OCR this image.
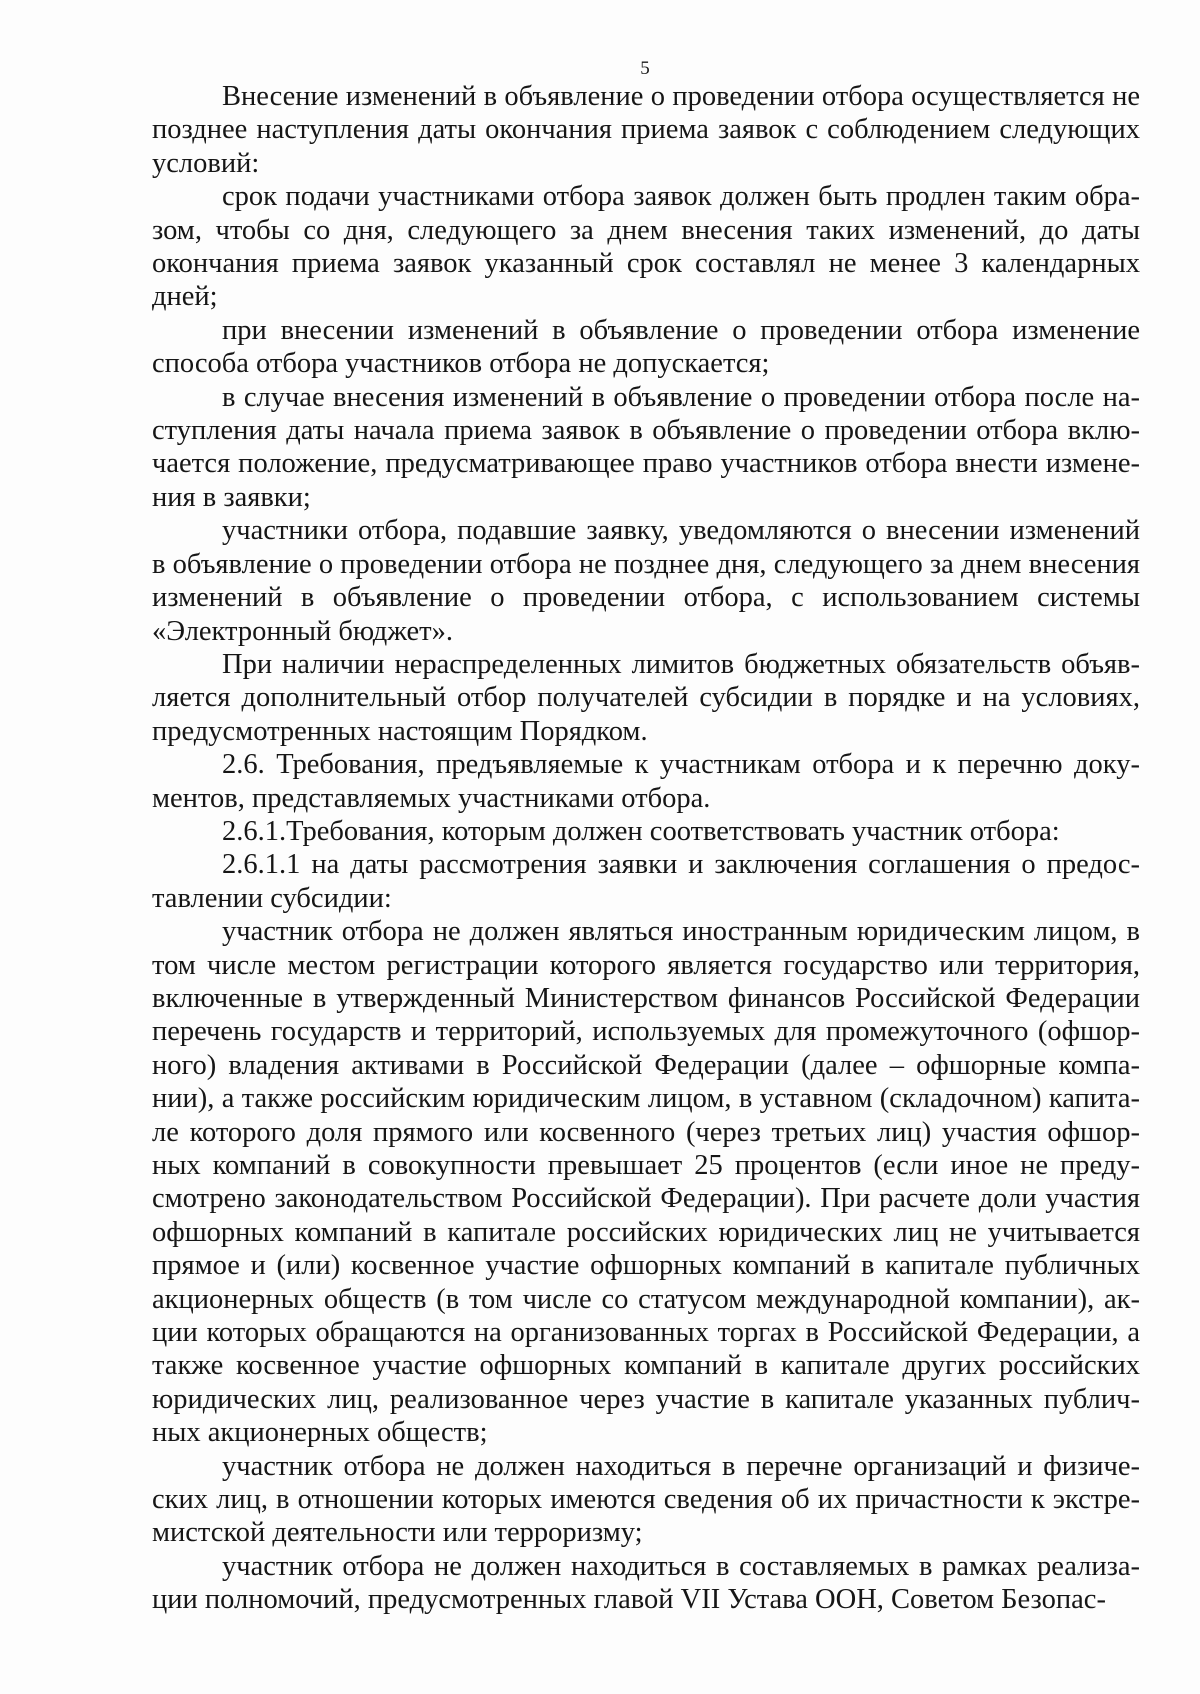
5

Внесение изменений в объявление о проведении отбора осуществляется не позднее наступления даты окончания приема заявок с соблюдением следующих условий:

срок подачи участниками отбора заявок должен быть продлен таким образом, чтобы со дня, следующего за днем внесения таких изменений, до даты окончания приема заявок указанный срок составлял не менее 3 календарных дней;

при внесении изменений в объявление о проведении отбора изменение способа отбора участников отбора не допускается;

в случае внесения изменений в объявление о проведении отбора после наступления даты начала приема заявок в объявление о проведении отбора включается положение, предусматривающее право участников отбора внести изменения в заявки;

участники отбора, подавшие заявку, уведомляются о внесении изменений в объявление о проведении отбора не позднее дня, следующего за днем внесения изменений в объявление о проведении отбора, с использованием системы «Электронный бюджет».

При наличии нераспределенных лимитов бюджетных обязательств объявляется дополнительный отбор получателей субсидии в порядке и на условиях, предусмотренных настоящим Порядком.

2.6. Требования, предъявляемые к участникам отбора и к перечню документов, представляемых участниками отбора.

2.6.1.Требования, которым должен соответствовать участник отбора:

2.6.1.1 на даты рассмотрения заявки и заключения соглашения о предоставлении субсидии:

участник отбора не должен являться иностранным юридическим лицом, в том числе местом регистрации которого является государство или территория, включенные в утвержденный Министерством финансов Российской Федерации перечень государств и территорий, используемых для промежуточного (офшорного) владения активами в Российской Федерации (далее – офшорные компании), а также российским юридическим лицом, в уставном (складочном) капитале которого доля прямого или косвенного (через третьих лиц) участия офшорных компаний в совокупности превышает 25 процентов (если иное не предусмотрено законодательством Российской Федерации). При расчете доли участия офшорных компаний в капитале российских юридических лиц не учитывается прямое и (или) косвенное участие офшорных компаний в капитале публичных акционерных обществ (в том числе со статусом международной компании), акции которых обращаются на организованных торгах в Российской Федерации, а также косвенное участие офшорных компаний в капитале других российских юридических лиц, реализованное через участие в капитале указанных публичных акционерных обществ;

участник отбора не должен находиться в перечне организаций и физических лиц, в отношении которых имеются сведения об их причастности к экстремистской деятельности или терроризму;

участник отбора не должен находиться в составляемых в рамках реализации полномочий, предусмотренных главой VII Устава ООН, Советом Безопас-
